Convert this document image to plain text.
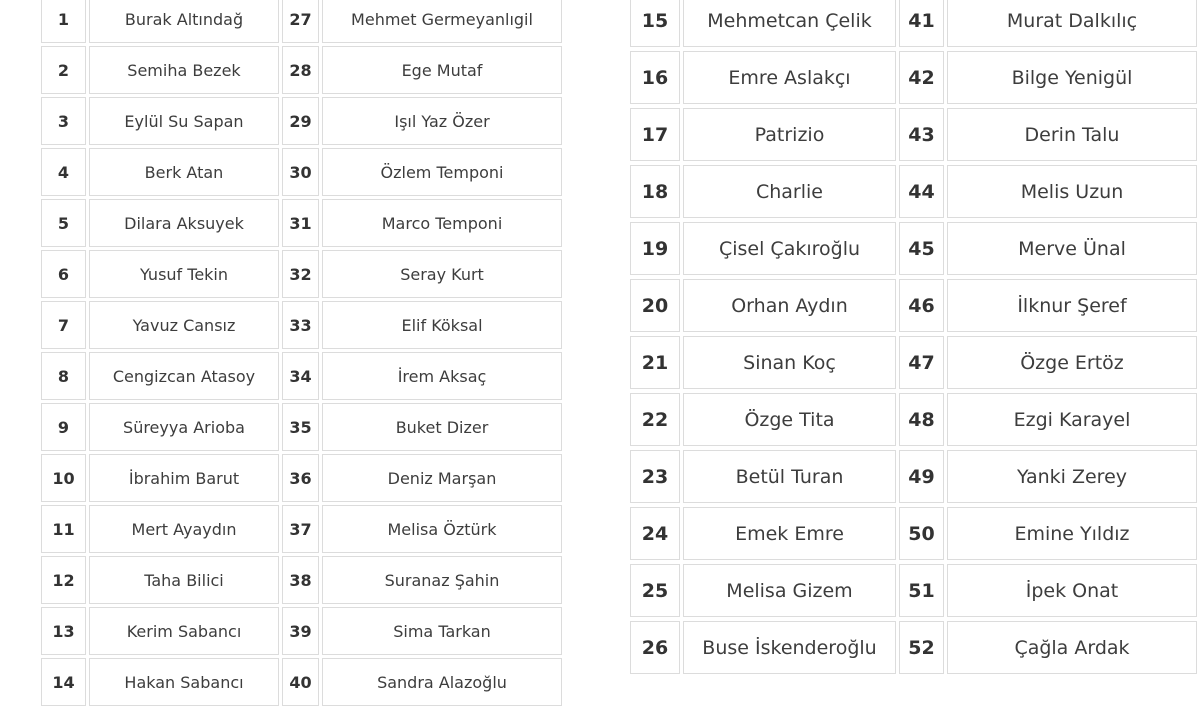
1	Burak Altındağ	27	Mehmet Germeyanlıgil
2	Semiha Bezek	28	Ege Mutaf
3	Eylül Su Sapan	29	Işıl Yaz Özer
4	Berk Atan	30	Özlem Temponi
5	Dilara Aksuyek	31	Marco Temponi
6	Yusuf Tekin	32	Seray Kurt
7	Yavuz Cansız	33	Elif Köksal
8	Cengizcan Atasoy	34	İrem Aksaç
9	Süreyya Arioba	35	Buket Dizer
10	İbrahim Barut	36	Deniz Marşan
11	Mert Ayaydın	37	Melisa Öztürk
12	Taha Bilici	38	Suranaz Şahin
13	Kerim Sabancı	39	Sima Tarkan
14	Hakan Sabancı	40	Sandra Alazoğlu
15	Mehmetcan Çelik	41	Murat Dalkılıç
16	Emre Aslakçı	42	Bilge Yenigül
17	Patrizio	43	Derin Talu
18	Charlie	44	Melis Uzun
19	Çisel Çakıroğlu	45	Merve Ünal
20	Orhan Aydın	46	İlknur Şeref
21	Sinan Koç	47	Özge Ertöz
22	Özge Tita	48	Ezgi Karayel
23	Betül Turan	49	Yanki Zerey
24	Emek Emre	50	Emine Yıldız
25	Melisa Gizem	51	İpek Onat
26	Buse İskenderoğlu	52	Çağla Ardak
